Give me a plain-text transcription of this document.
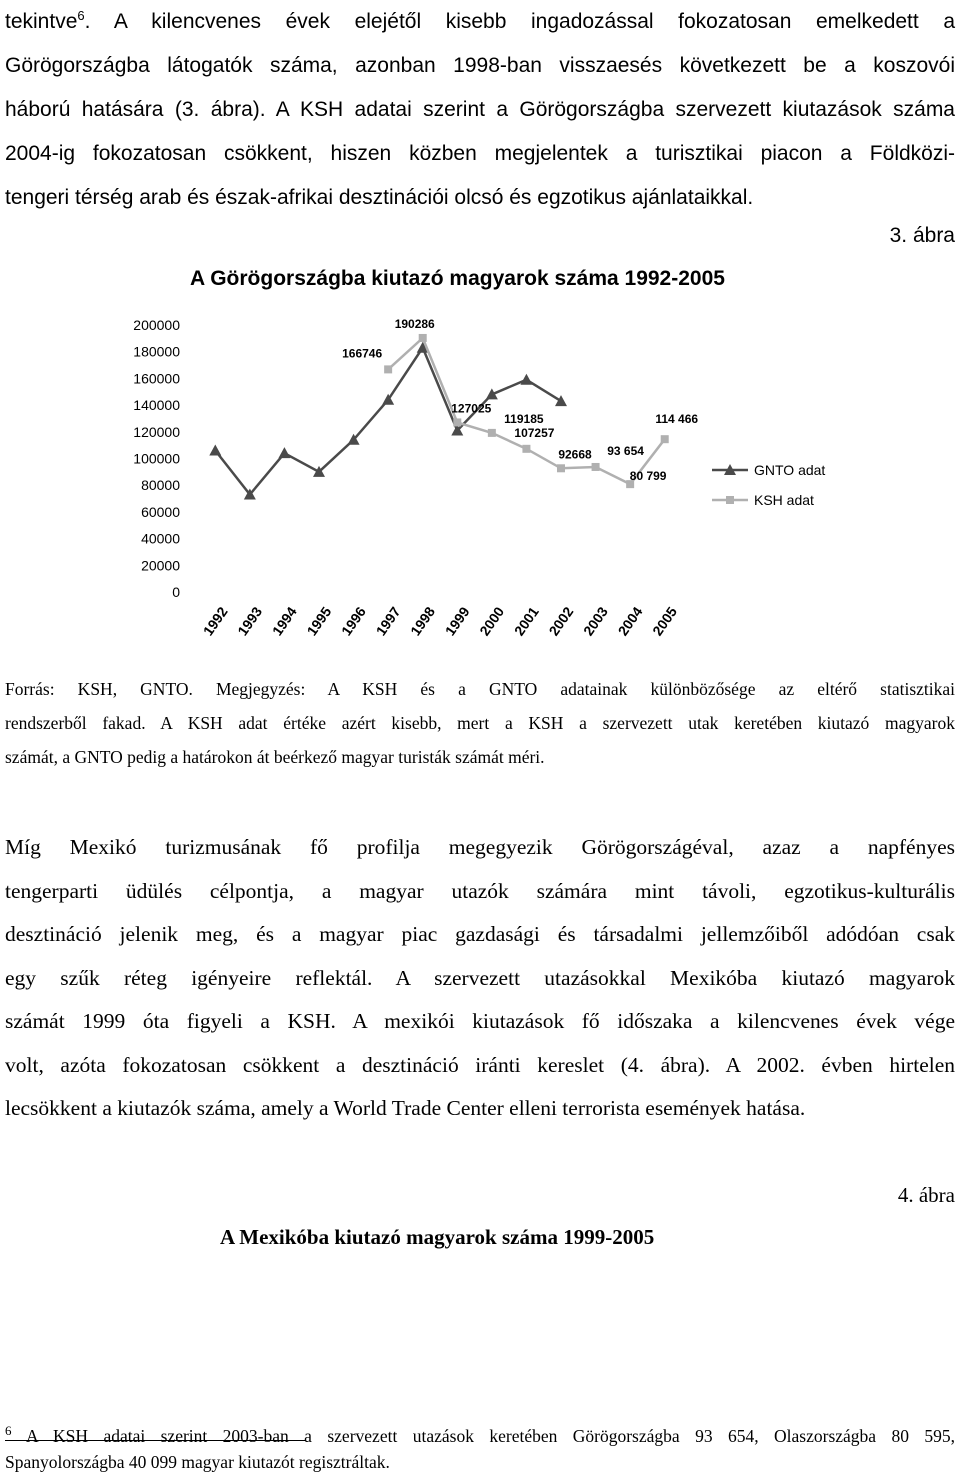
tekintve$^6$. A kilencvenes évek elejétől kisebb ingadozással fokozatosan emelkedett a
Görögországba látogatók száma, azonban 1998-ban visszaesés következett be a koszovói
háború hatására (3. ábra). A KSH adatai szerint a Görögországba szervezett kiutazások száma
2004-ig fokozatosan csökkent, hiszen közben megjelentek a turisztikai piacon a Földközi-
tengeri térség arab és észak-afrikai desztinációi olcsó és egzotikus ajánlataikkal.
3. ábra
A Görögországba kiutazó magyarok száma 1992-2005
0
20000
40000
60000
80000
100000
120000
140000
160000
180000
200000
1992 1993 1994 1995 1996 1997 1998 1999 2000 2001 2002 2003 2004 2005
166746
190286
127025
119185
107257
92668 93 654
80 799
114 466
GNTO adat
KSH adat
Forrás: KSH, GNTO. Megjegyzés: A KSH és a GNTO adatainak különbözősége az eltérő statisztikai
rendszerből fakad. A KSH adat értéke azért kisebb, mert a KSH a szervezett utak keretében kiutazó magyarok
számát, a GNTO pedig a határokon át beérkező magyar turisták számát méri.
Míg Mexikó turizmusának fő profilja megegyezik Görögországéval, azaz a napfényes
tengerparti üdülés célpontja, a magyar utazók számára mint távoli, egzotikus-kulturális
desztináció jelenik meg, és a magyar piac gazdasági és társadalmi jellemzőiből adódóan csak
egy szűk réteg igényeire reflektál. A szervezett utazásokkal Mexikóba kiutazó magyarok
számát 1999 óta figyeli a KSH. A mexikói kiutazások fő időszaka a kilencvenes évek vége
volt, azóta fokozatosan csökkent a desztináció iránti kereslet (4. ábra). A 2002. évben hirtelen
lecsökkent a kiutazók száma, amely a World Trade Center elleni terrorista események hatása.
4. ábra
A Mexikóba kiutazó magyarok száma 1999-2005
$^6$ A KSH adatai szerint 2003-ban a szervezett utazások keretében Görögországba 93 654, Olaszországba 80 595,
Spanyolországba 40 099 magyar kiutazót regisztráltak.
